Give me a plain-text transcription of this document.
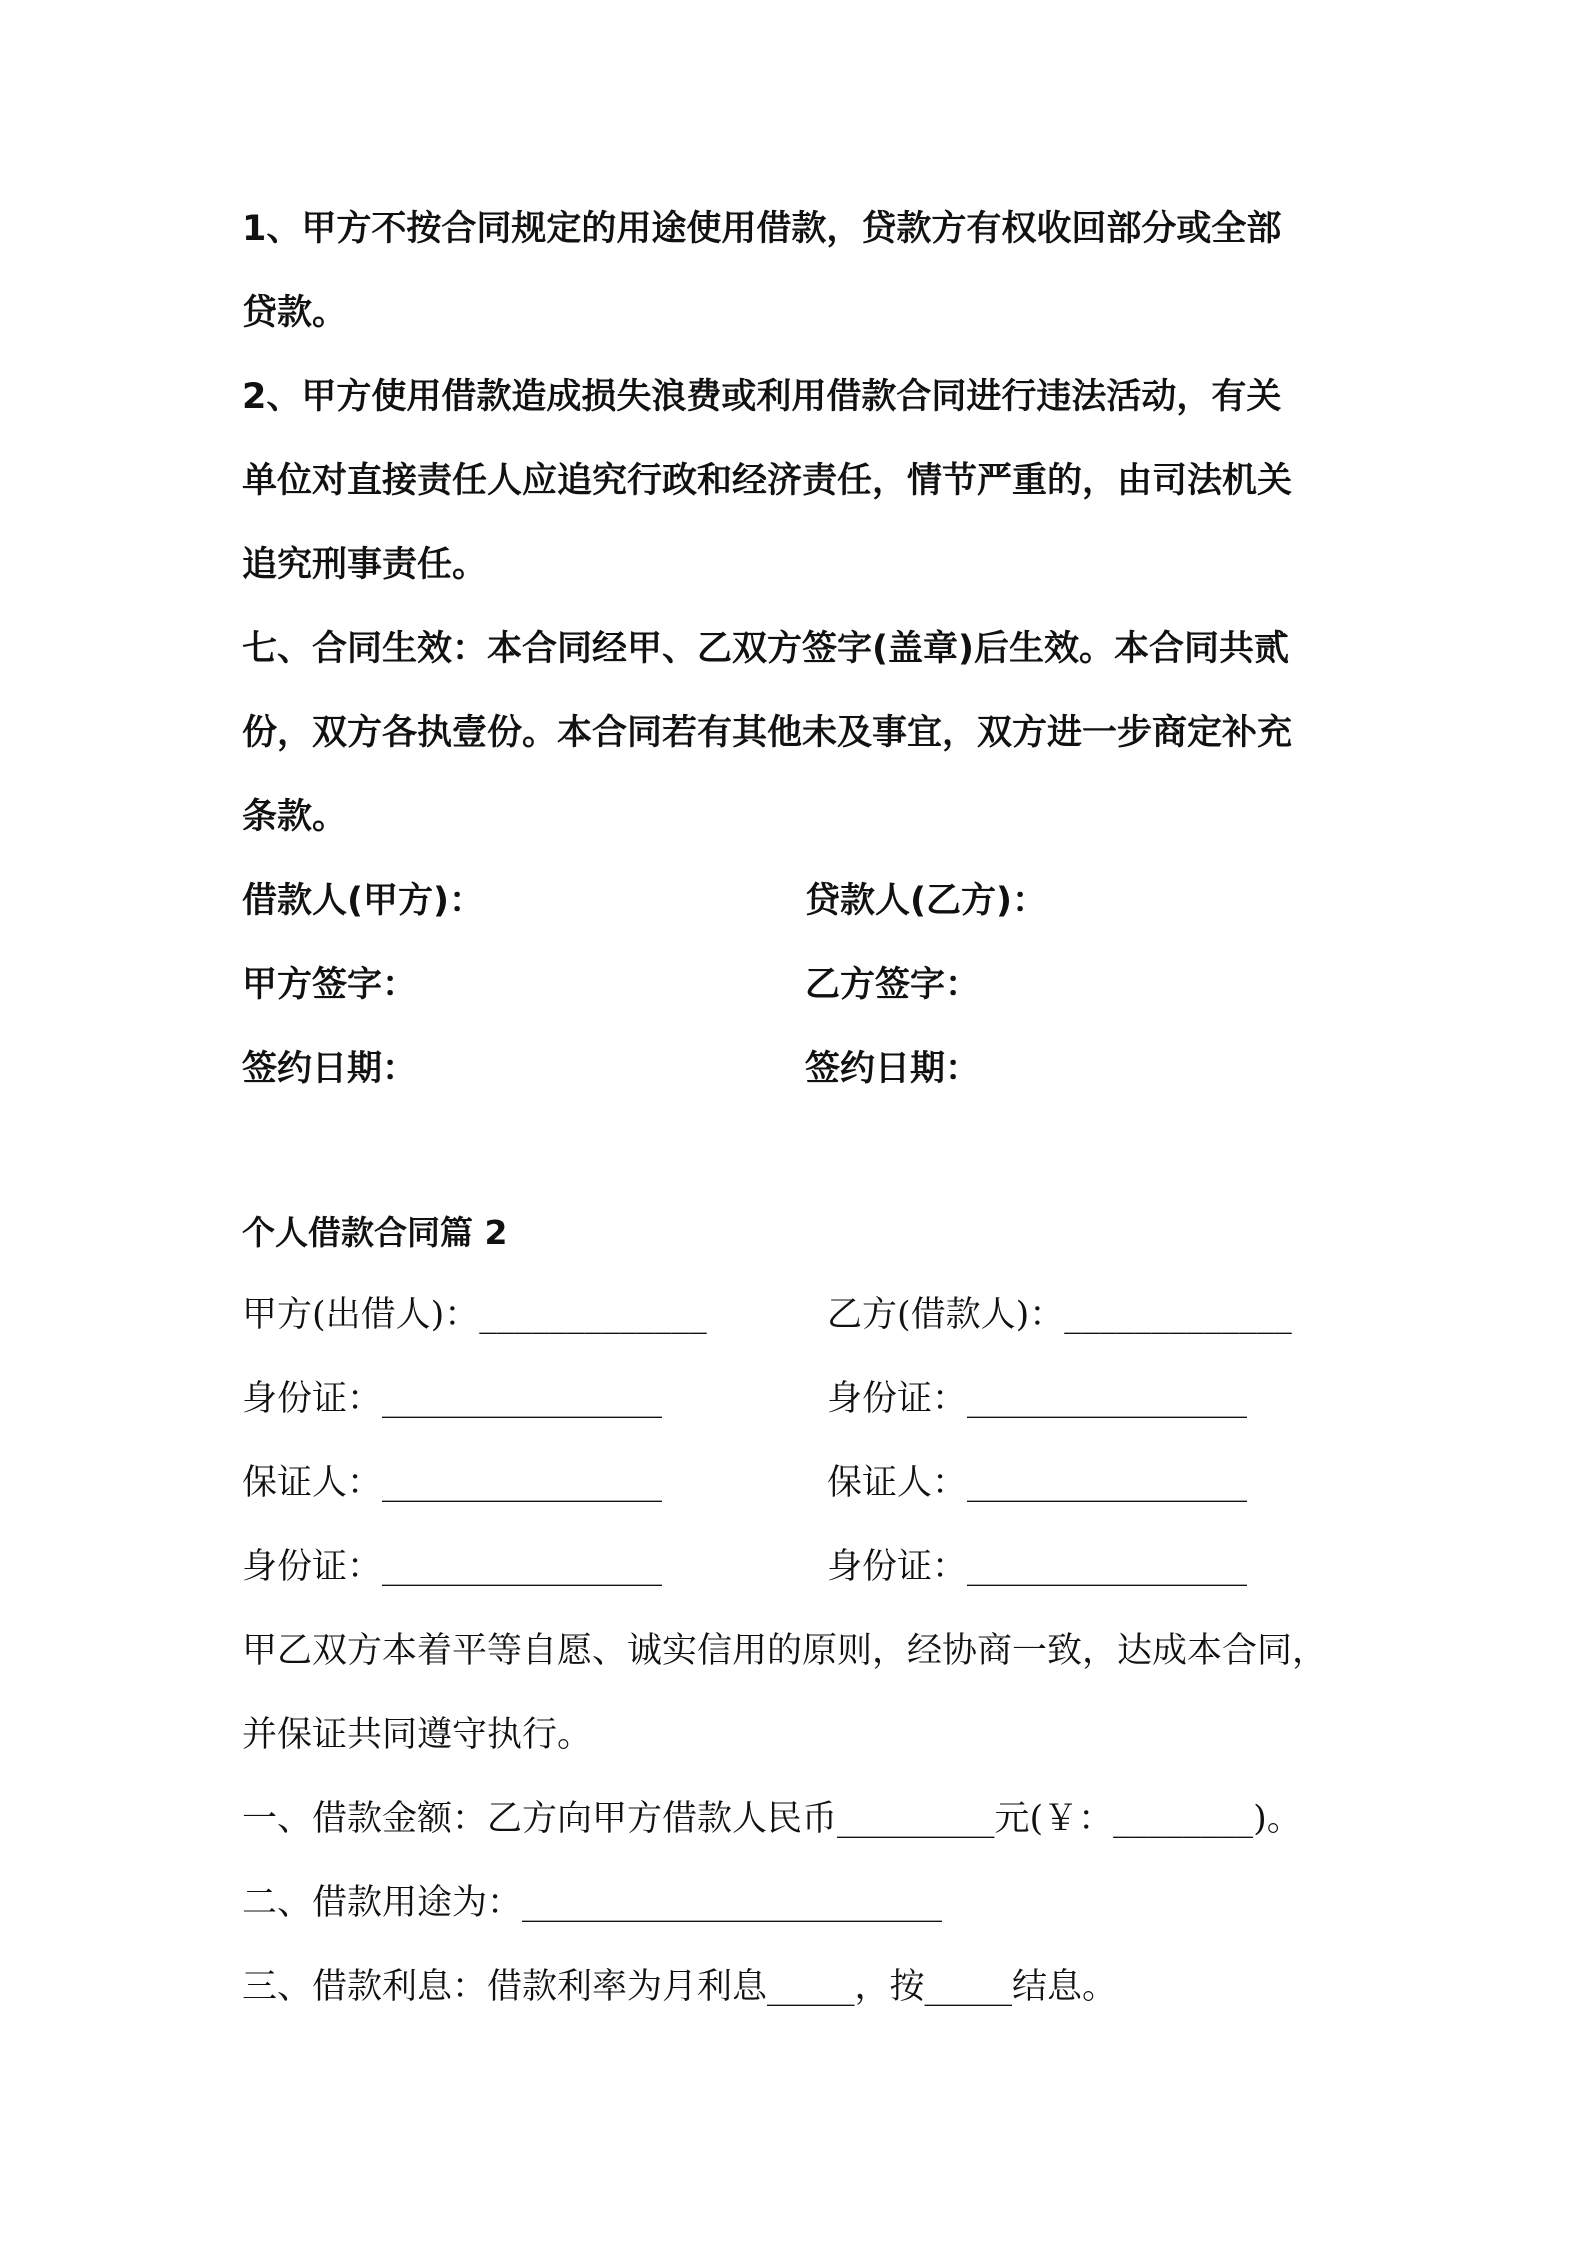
1、甲方不按合同规定的用途使用借款，贷款方有权收回部分或全部
贷款。
2、甲方使用借款造成损失浪费或利用借款合同进行违法活动，有关
单位对直接责任人应追究行政和经济责任，情节严重的，由司法机关
追究刑事责任。
七、合同生效：本合同经甲、乙双方签字(盖章)后生效。本合同共贰
份，双方各执壹份。本合同若有其他未及事宜，双方进一步商定补充
条款。
借款人(甲方)：	贷款人(乙方)：
甲方签字：	乙方签字：
签约日期：	签约日期：
个人借款合同篇 2
甲方(出借人)：_____________	乙方(借款人)：_____________
身份证：________________	身份证：________________
保证人：________________	保证人：________________
身份证：________________	身份证：________________
甲乙双方本着平等自愿、诚实信用的原则，经协商一致，达成本合同，
并保证共同遵守执行。
一、借款金额：乙方向甲方借款人民币_________元(￥：________)。
二、借款用途为：________________________
三、借款利息：借款利率为月利息_____，按_____结息。
